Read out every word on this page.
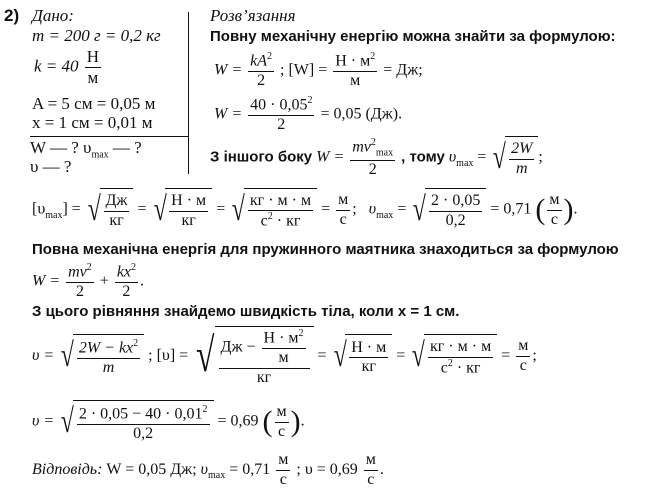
2) Дано:
m = 200 г = 0,2 кг
$k = 40 \frac{Н}{м}$
A = 5 см = 0,05 м
x = 1 см = 0,01 м
W — ? $\upsilon_{max}$ — ?
υ — ?
Розв’язання
Повну механічну енергію можна знайти за формулою:
$W = \frac{kA^2}{2}$ ; $[W] = \frac{Н \cdot м^2}{м}$ = Дж;
$W = \frac{40 \cdot 0,05^2}{2} = 0,05$ (Дж).
З іншого боку $W = \frac{mv^2_{max}}{2}$ , тому $\upsilon_{max}$ = √ $\frac{2W}{m}$ ;
$[\upsilon_{max}]$ = √ $\frac{Дж}{кг}$ = √ $\frac{Н \cdot м}{кг}$ = √ $\frac{кг \cdot м \cdot м}{с^2 \cdot кг} = \frac{м}{с}$ ;   $\upsilon_{max}$ = √ $\frac{2 \cdot 0,05}{0,2} = 0,71$ ( $\frac{м}{с}$ ).
Повна механічна енергія для пружинного маятника знаходиться за формулою
$W = \frac{mv^2}{2} + \frac{kx^2}{2}$ .
З цього рівняння знайдемо швидкість тіла, коли x = 1 см.
υ = √ $\frac{2W - kx^2}{m}$ ; [υ] = √ $\frac{Дж - \frac{Н \cdot м^2}{м}}{кг}$ = √ $\frac{Н \cdot м}{кг}$ = √ $\frac{кг \cdot м \cdot м}{с^2 \cdot кг} = \frac{м}{с}$ ;
υ = √ $\frac{2 \cdot 0,05 - 40 \cdot 0,01^2}{0,2} = 0,69$ ( $\frac{м}{с}$ ).
Відповідь: W = 0,05 Дж; $\upsilon_{max} = 0,71 \frac{м}{с}$ ; $\upsilon = 0,69 \frac{м}{с}$ .
